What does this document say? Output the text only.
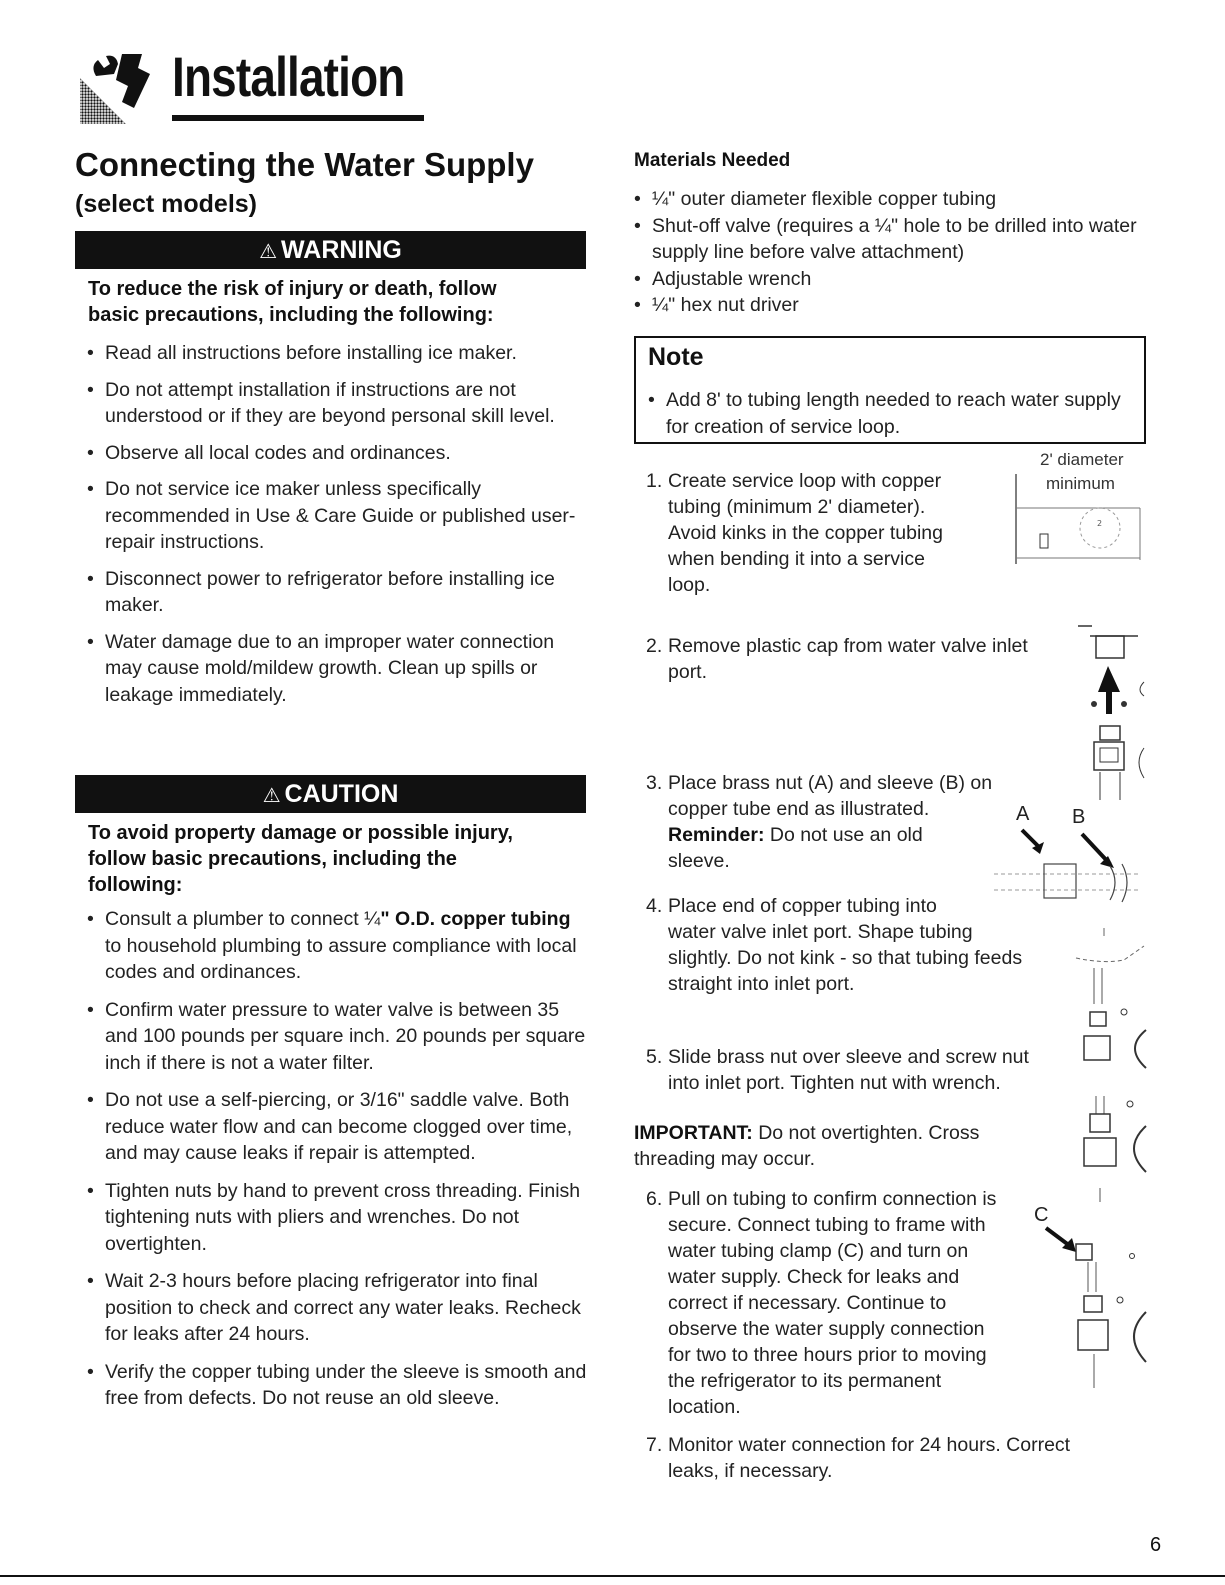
Installation
Connecting the Water Supply
(select models)
⚠ WARNING
To reduce the risk of injury or death, follow
basic precautions, including the following:
• Read all instructions before installing ice maker.
• Do not attempt installation if instructions are not understood or if they are beyond personal skill level.
• Observe all local codes and ordinances.
• Do not service ice maker unless specifically recommended in Use & Care Guide or published user-repair instructions.
• Disconnect power to refrigerator before installing ice maker.
• Water damage due to an improper water connection may cause mold/mildew growth. Clean up spills or leakage immediately.
⚠ CAUTION
To avoid property damage or possible injury,
follow basic precautions, including the
following:
• Consult a plumber to connect ¼" O.D. copper tubing to household plumbing to assure compliance with local codes and ordinances.
• Confirm water pressure to water valve is between 35 and 100 pounds per square inch. 20 pounds per square inch if there is not a water filter.
• Do not use a self-piercing, or 3/16" saddle valve. Both reduce water flow and can become clogged over time, and may cause leaks if repair is attempted.
• Tighten nuts by hand to prevent cross threading. Finish tightening nuts with pliers and wrenches. Do not overtighten.
• Wait 2-3 hours before placing refrigerator into final position to check and correct any water leaks. Recheck for leaks after 24 hours.
• Verify the copper tubing under the sleeve is smooth and free from defects. Do not reuse an old sleeve.
Materials Needed
• ¼" outer diameter flexible copper tubing
• Shut-off valve (requires a ¼" hole to be drilled into water supply line before valve attachment)
• Adjustable wrench
• ¼" hex nut driver
Note
• Add 8' to tubing length needed to reach water supply for creation of service loop.
1. Create service loop with copper
tubing (minimum 2' diameter).
Avoid kinks in the copper tubing
when bending it into a service
loop.
2' diameter
minimum
2
2. Remove plastic cap from water valve inlet
port.
3. Place brass nut (A) and sleeve (B) on
copper tube end as illustrated.
Reminder: Do not use an old
sleeve.
A B
4. Place end of copper tubing into
water valve inlet port. Shape tubing
slightly. Do not kink - so that tubing feeds
straight into inlet port.
5. Slide brass nut over sleeve and screw nut
into inlet port. Tighten nut with wrench.
IMPORTANT: Do not overtighten. Cross
threading may occur.
6. Pull on tubing to confirm connection is
secure. Connect tubing to frame with
water tubing clamp (C) and turn on
water supply. Check for leaks and
correct if necessary. Continue to
observe the water supply connection
for two to three hours prior to moving
the refrigerator to its permanent
location.
C
7. Monitor water connection for 24 hours. Correct
leaks, if necessary.
6
